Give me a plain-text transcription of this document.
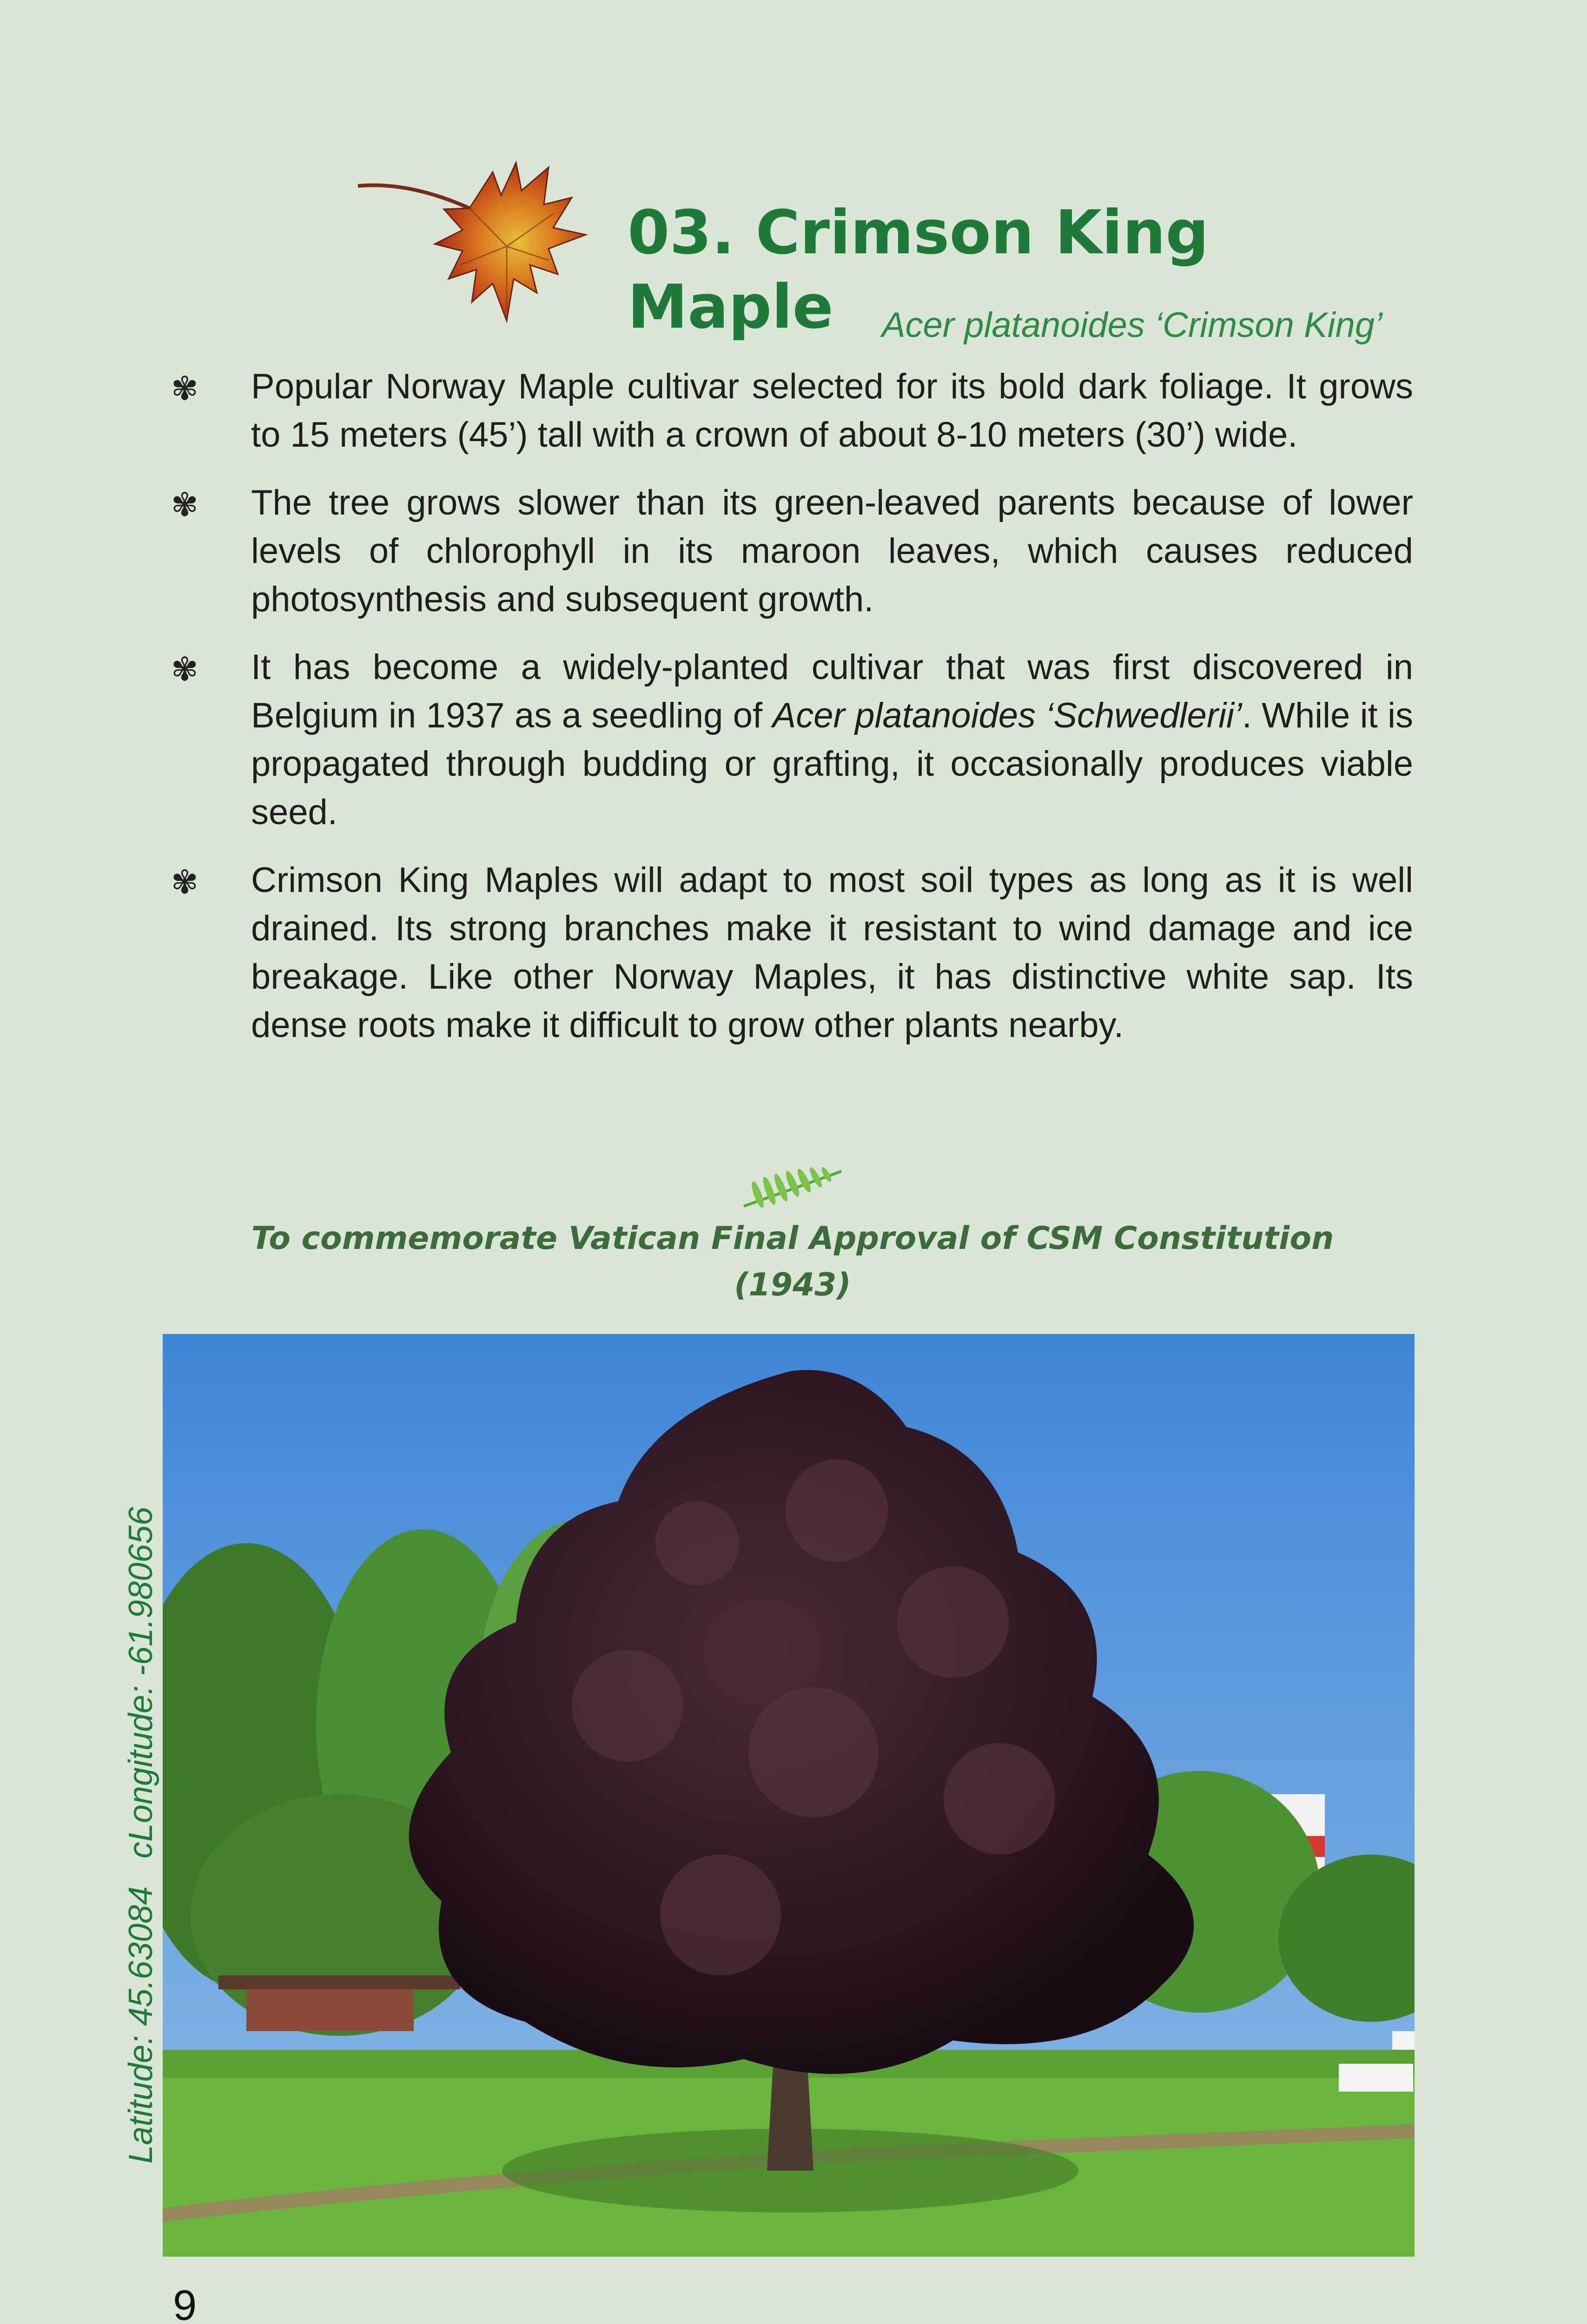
03. Crimson King Maple	Acer platanoides ‘Crimson King’
✾ Popular Norway Maple cultivar selected for its bold dark foliage. It grows to 15 meters (45’) tall with a crown of about 8-10 meters (30’) wide.
✾ The tree grows slower than its green-leaved parents because of lower levels of chlorophyll in its maroon leaves, which causes reduced photosynthesis and subsequent growth.
✾ It has become a widely-planted cultivar that was first discovered in Belgium in 1937 as a seedling of Acer platanoides ‘Schwedlerii’. While it is propagated through budding or grafting, it occasionally produces viable seed.
✾ Crimson King Maples will adapt to most soil types as long as it is well drained. Its strong branches make it resistant to wind damage and ice breakage. Like other Norway Maples, it has distinctive white sap. Its dense roots make it difficult to grow other plants nearby.
To commemorate Vatican Final Approval of CSM Constitution
(1943)
Latitude: 45.63084cLongitude: -61.980656
9
